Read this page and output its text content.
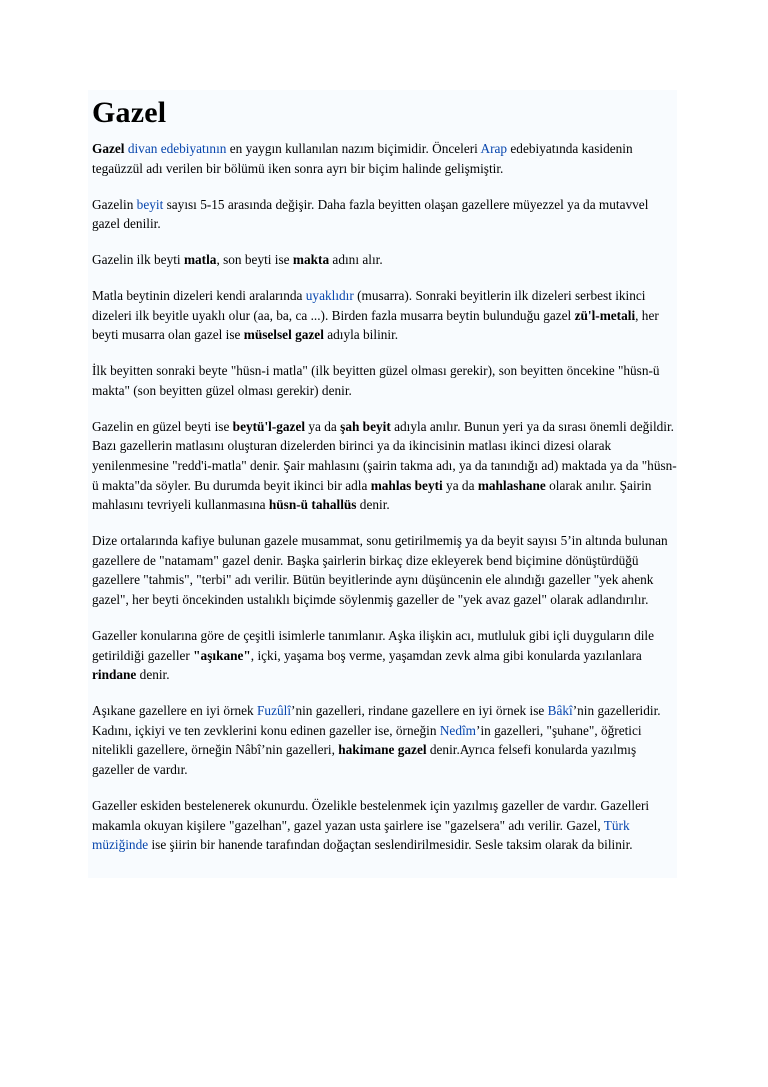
Gazel

Gazel divan edebiyatının en yaygın kullanılan nazım biçimidir. Önceleri Arap edebiyatında kasidenin tegaüzzül adı verilen bir bölümü iken sonra ayrı bir biçim halinde gelişmiştir.

Gazelin beyit sayısı 5-15 arasında değişir. Daha fazla beyitten olaşan gazellere müyezzel ya da mutavvel gazel denilir.

Gazelin ilk beyti matla, son beyti ise makta adını alır.

Matla beytinin dizeleri kendi aralarında uyaklıdır (musarra). Sonraki beyitlerin ilk dizeleri serbest ikinci dizeleri ilk beyitle uyaklı olur (aa, ba, ca ...). Birden fazla musarra beytin bulunduğu gazel zü'l-metali, her beyti musarra olan gazel ise müselsel gazel adıyla bilinir.

İlk beyitten sonraki beyte "hüsn-i matla" (ilk beyitten güzel olması gerekir), son beyitten öncekine "hüsn-ü makta" (son beyitten güzel olması gerekir) denir.

Gazelin en güzel beyti ise beytü'l-gazel ya da şah beyit adıyla anılır. Bunun yeri ya da sırası önemli değildir. Bazı gazellerin matlasını oluşturan dizelerden birinci ya da ikincisinin matlası ikinci dizesi olarak yenilenmesine "redd'i-matla" denir. Şair mahlasını (şairin takma adı, ya da tanındığı ad) maktada ya da "hüsn-ü makta"da söyler. Bu durumda beyit ikinci bir adla mahlas beyti ya da mahlashane olarak anılır. Şairin mahlasını tevriyeli kullanmasına hüsn-ü tahallüs denir.

Dize ortalarında kafiye bulunan gazele musammat, sonu getirilmemiş ya da beyit sayısı 5’in altında bulunan gazellere de "natamam" gazel denir. Başka şairlerin birkaç dize ekleyerek bend biçimine dönüştürdüğü gazellere "tahmis", "terbi" adı verilir. Bütün beyitlerinde aynı düşüncenin ele alındığı gazeller "yek ahenk gazel", her beyti öncekinden ustalıklı biçimde söylenmiş gazeller de "yek avaz gazel" olarak adlandırılır.

Gazeller konularına göre de çeşitli isimlerle tanımlanır. Aşka ilişkin acı, mutluluk gibi içli duyguların dile getirildiği gazeller "aşıkane", içki, yaşama boş verme, yaşamdan zevk alma gibi konularda yazılanlara rindane denir.

Aşıkane gazellere en iyi örnek Fuzûlî’nin gazelleri, rindane gazellere en iyi örnek ise Bâkî’nin gazelleridir. Kadını, içkiyi ve ten zevklerini konu edinen gazeller ise, örneğin Nedîm’in gazelleri, "şuhane", öğretici nitelikli gazellere, örneğin Nâbî’nin gazelleri, hakimane gazel denir.Ayrıca felsefi konularda yazılmış gazeller de vardır.

Gazeller eskiden bestelenerek okunurdu. Özelikle bestelenmek için yazılmış gazeller de vardır. Gazelleri makamla okuyan kişilere "gazelhan", gazel yazan usta şairlere ise "gazelsera" adı verilir. Gazel, Türk müziğinde ise şiirin bir hanende tarafından doğaçtan seslendirilmesidir. Sesle taksim olarak da bilinir.
